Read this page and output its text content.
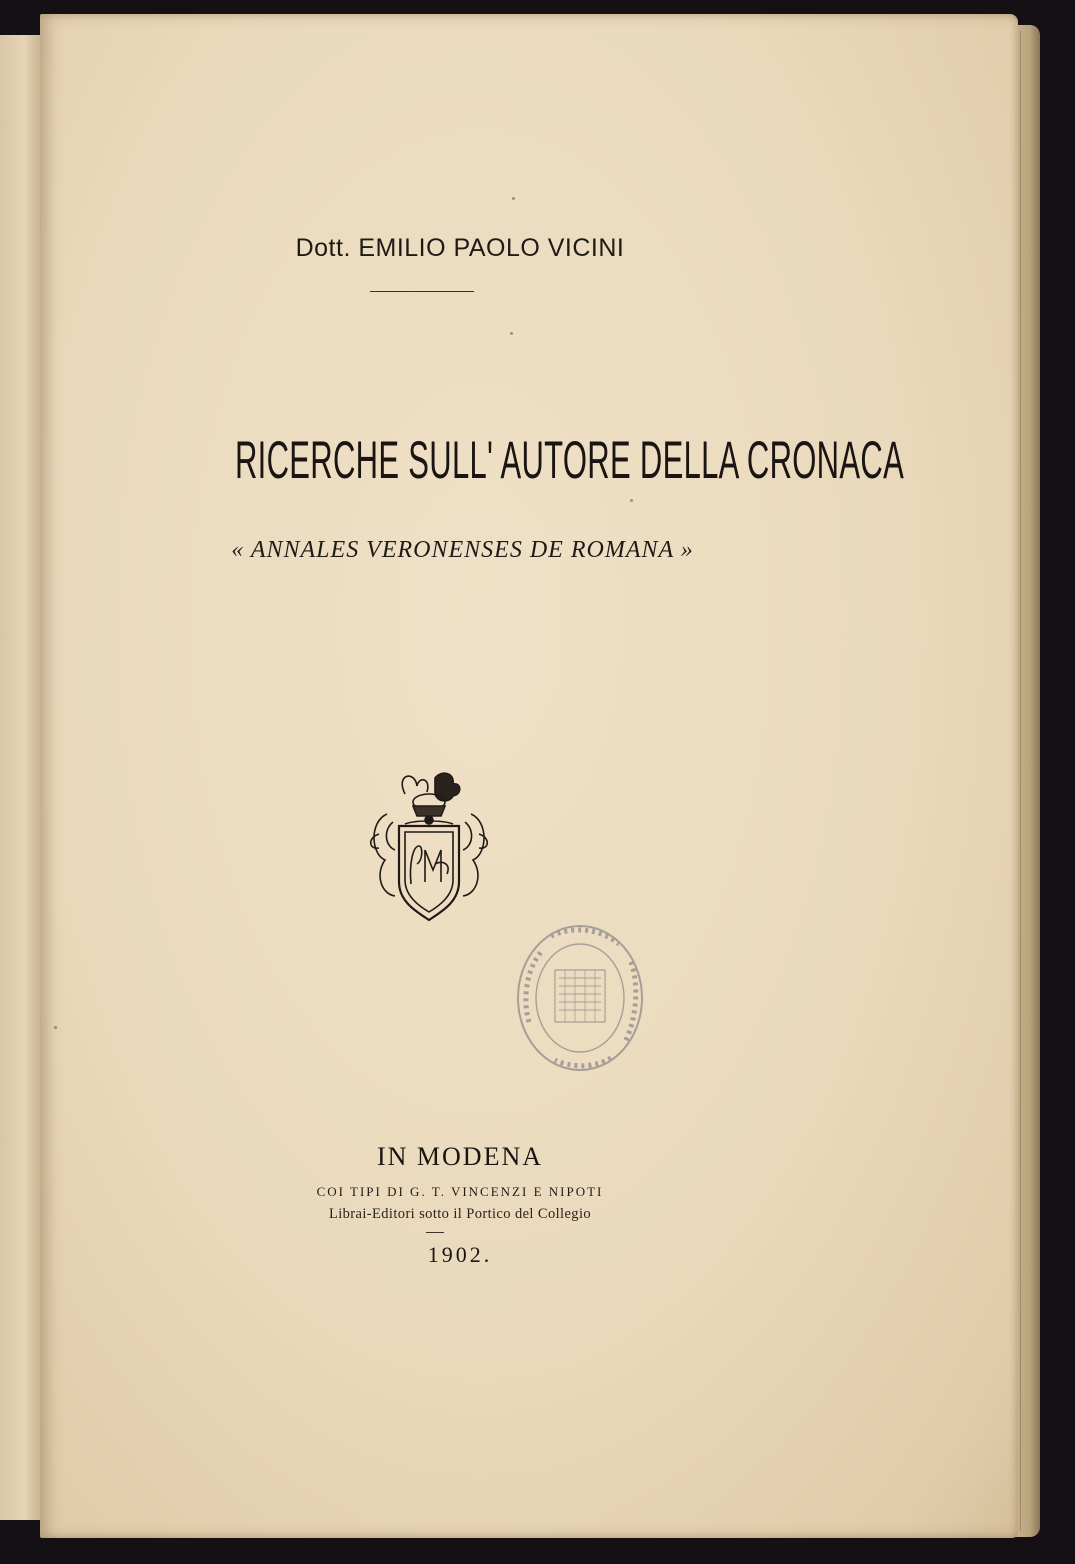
Dott. EMILIO PAOLO VICINI
RICERCHE SULL' AUTORE DELLA CRONACA
« ANNALES VERONENSES DE ROMANA »
IN MODENA
COI TIPI DI G. T. VINCENZI E NIPOTI
Librai-Editori sotto il Portico del Collegio
1902.
